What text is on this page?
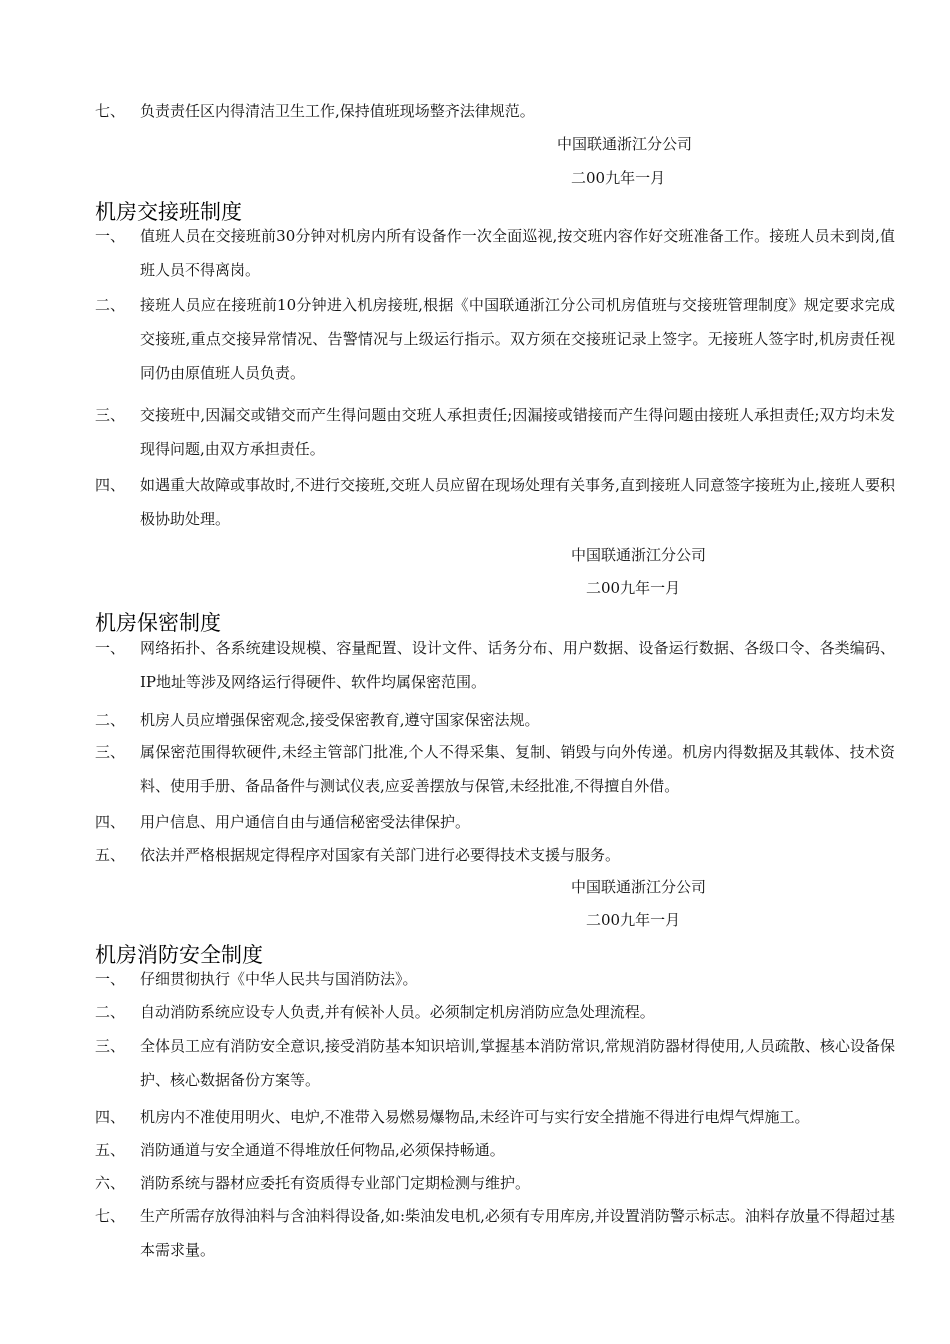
七、 负责责任区内得清洁卫生工作,保持值班现场整齐法律规范。
中国联通浙江分公司
二00九年一月
机房交接班制度
一、 值班人员在交接班前30分钟对机房内所有设备作一次全面巡视,按交班内容作好交班准备工作。接班人员未到岗,值班人员不得离岗。
二、 接班人员应在接班前10分钟进入机房接班,根据《中国联通浙江分公司机房值班与交接班管理制度》规定要求完成交接班,重点交接异常情况、告警情况与上级运行指示。双方须在交接班记录上签字。无接班人签字时,机房责任视同仍由原值班人员负责。
三、 交接班中,因漏交或错交而产生得问题由交班人承担责任;因漏接或错接而产生得问题由接班人承担责任;双方均未发现得问题,由双方承担责任。
四、 如遇重大故障或事故时,不进行交接班,交班人员应留在现场处理有关事务,直到接班人同意签字接班为止,接班人要积极协助处理。
中国联通浙江分公司
二00九年一月
机房保密制度
一、 网络拓扑、各系统建设规模、容量配置、设计文件、话务分布、用户数据、设备运行数据、各级口令、各类编码、IP地址等涉及网络运行得硬件、软件均属保密范围。
二、 机房人员应增强保密观念,接受保密教育,遵守国家保密法规。
三、 属保密范围得软硬件,未经主管部门批准,个人不得采集、复制、销毁与向外传递。机房内得数据及其载体、技术资料、使用手册、备品备件与测试仪表,应妥善摆放与保管,未经批准,不得擅自外借。
四、 用户信息、用户通信自由与通信秘密受法律保护。
五、 依法并严格根据规定得程序对国家有关部门进行必要得技术支援与服务。
中国联通浙江分公司
二00九年一月
机房消防安全制度
一、 仔细贯彻执行《中华人民共与国消防法》。
二、 自动消防系统应设专人负责,并有候补人员。必须制定机房消防应急处理流程。
三、 全体员工应有消防安全意识,接受消防基本知识培训,掌握基本消防常识,常规消防器材得使用,人员疏散、核心设备保护、核心数据备份方案等。
四、 机房内不准使用明火、电炉,不准带入易燃易爆物品,未经许可与实行安全措施不得进行电焊气焊施工。
五、 消防通道与安全通道不得堆放任何物品,必须保持畅通。
六、 消防系统与器材应委托有资质得专业部门定期检测与维护。
七、 生产所需存放得油料与含油料得设备,如:柴油发电机,必须有专用库房,并设置消防警示标志。油料存放量不得超过基本需求量。
